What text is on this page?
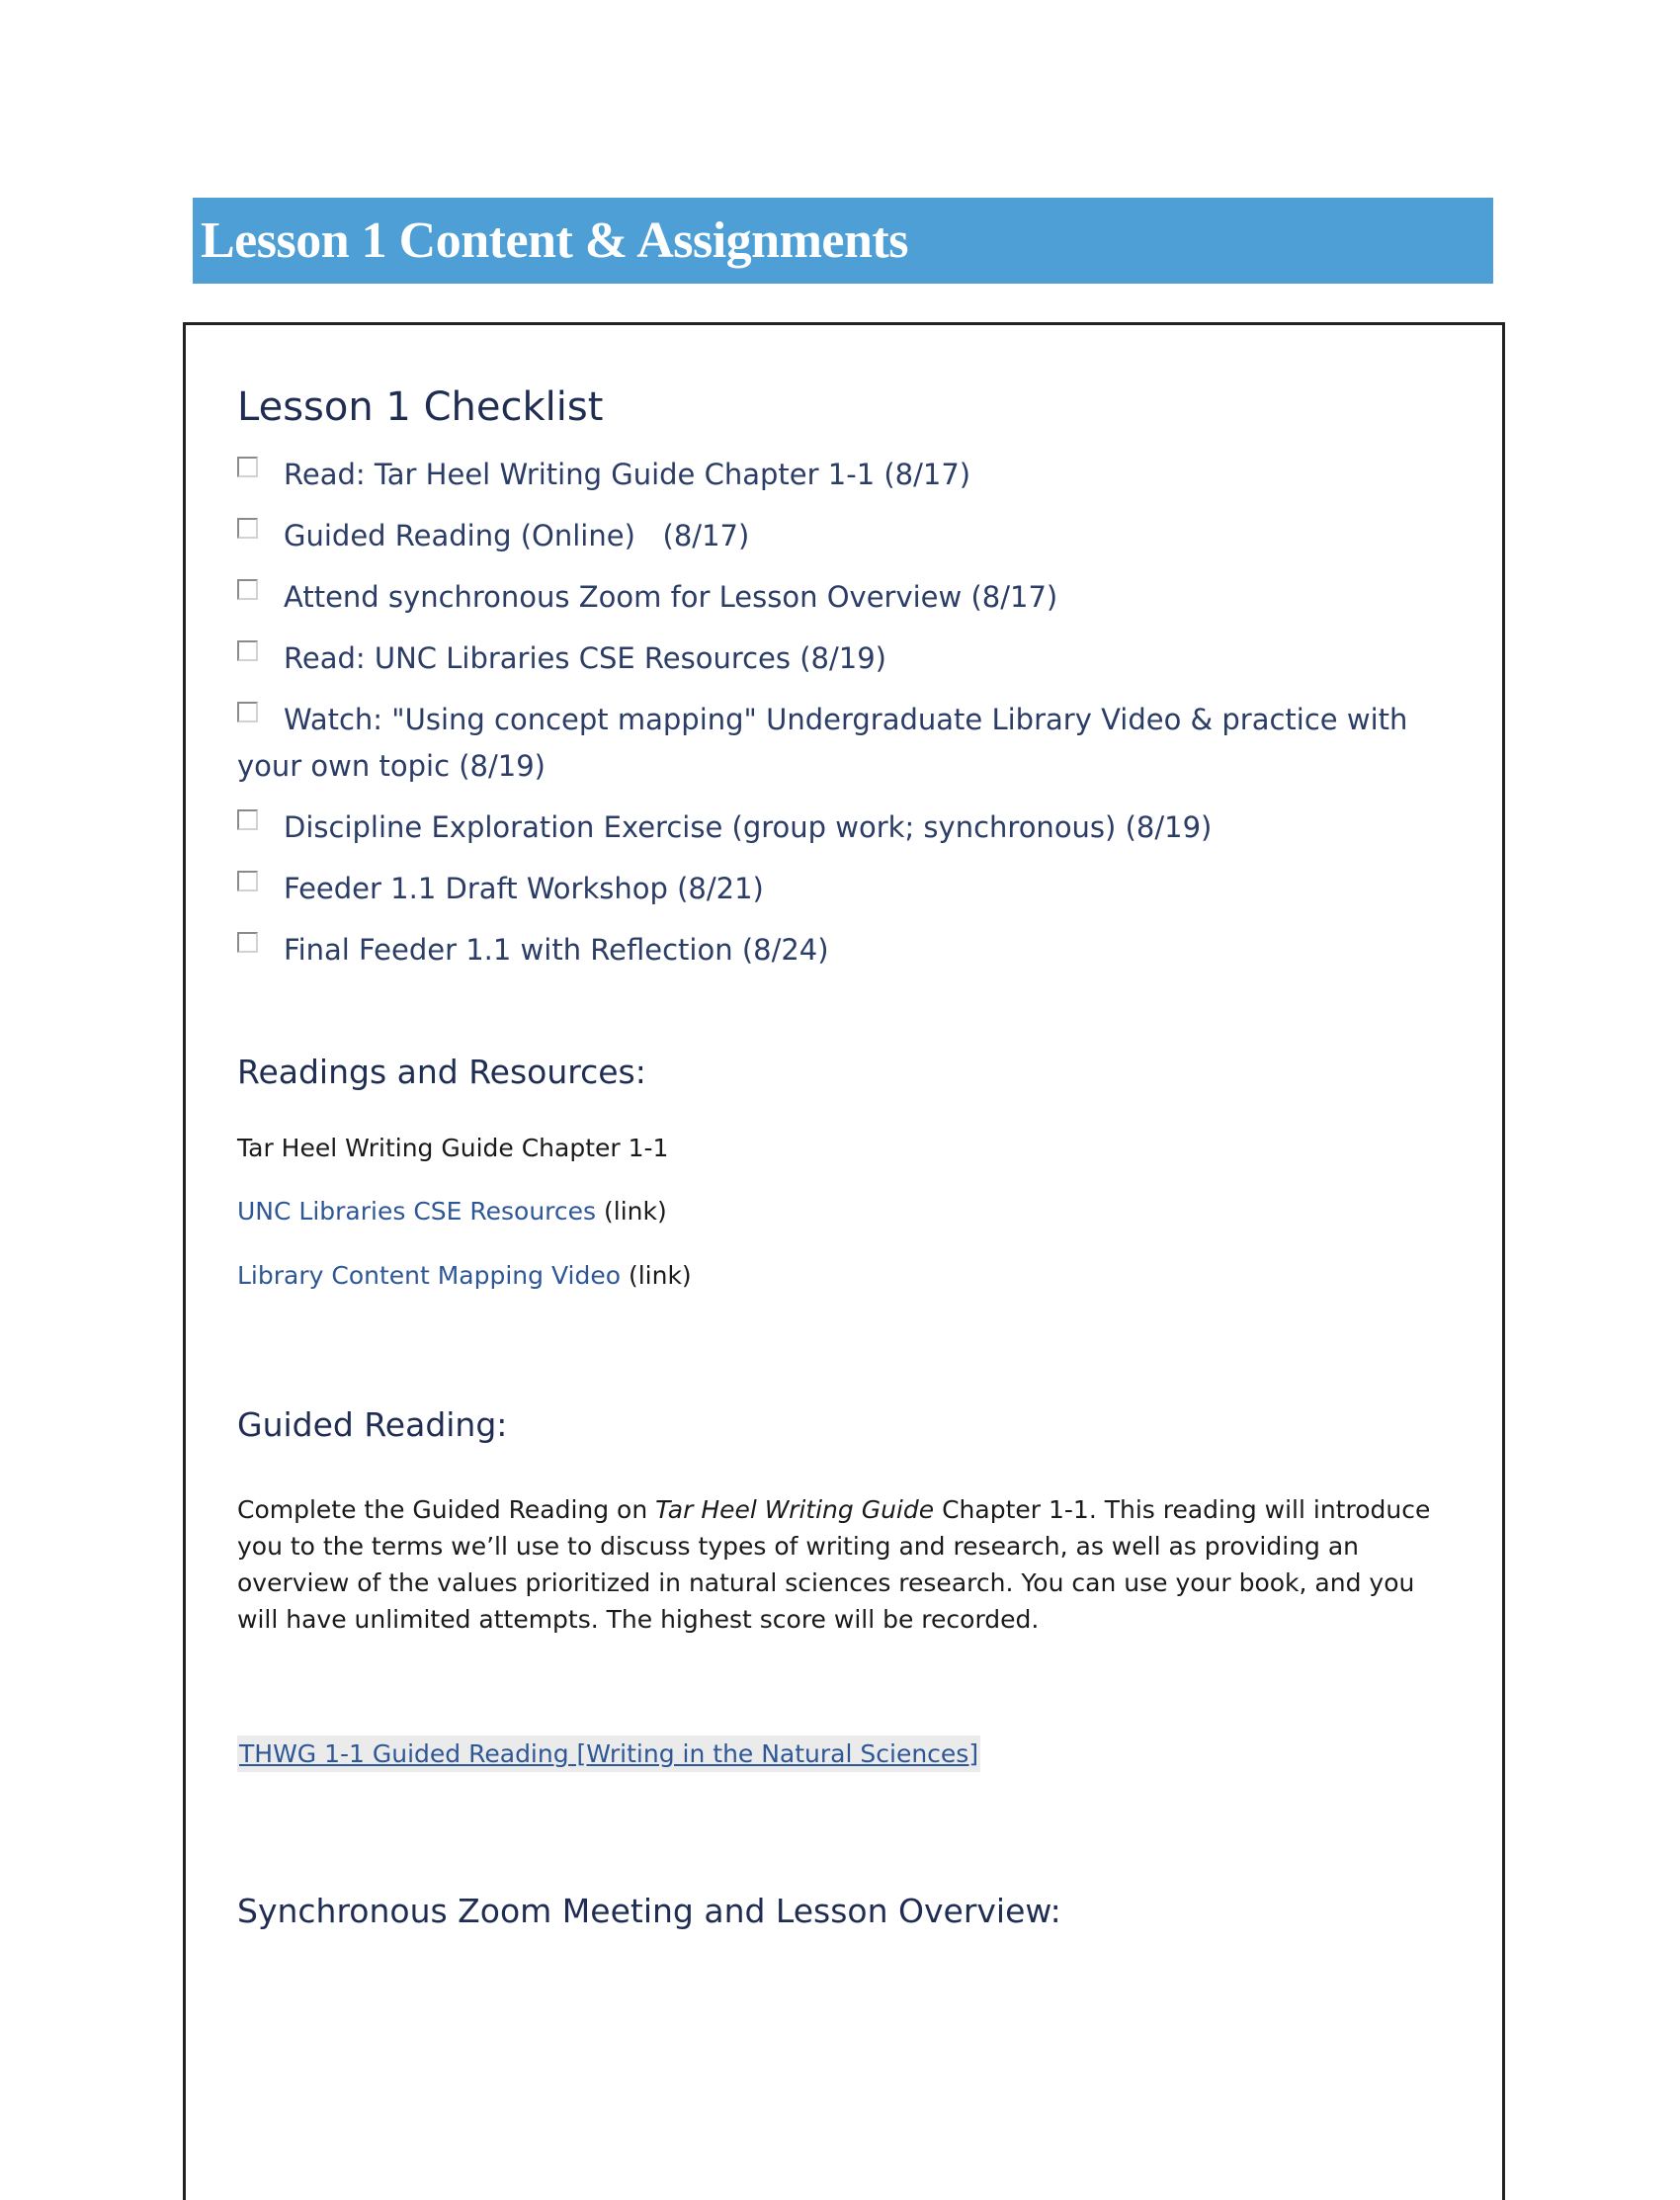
Lesson 1 Content & Assignments
Lesson 1 Checklist
Read: Tar Heel Writing Guide Chapter 1-1 (8/17)
Guided Reading (Online)   (8/17)
Attend synchronous Zoom for Lesson Overview (8/17)
Read: UNC Libraries CSE Resources (8/19)
Watch: "Using concept mapping" Undergraduate Library Video & practice with your own topic (8/19)
Discipline Exploration Exercise (group work; synchronous) (8/19)
Feeder 1.1 Draft Workshop (8/21)
Final Feeder 1.1 with Reflection (8/24)
Readings and Resources:

Tar Heel Writing Guide Chapter 1-1

UNC Libraries CSE Resources (link)

Library Content Mapping Video (link)

Guided Reading:

Complete the Guided Reading on Tar Heel Writing Guide Chapter 1-1. This reading will introduce you to the terms we’ll use to discuss types of writing and research, as well as providing an overview of the values prioritized in natural sciences research. You can use your book, and you will have unlimited attempts. The highest score will be recorded.

THWG 1-1 Guided Reading [Writing in the Natural Sciences]
Synchronous Zoom Meeting and Lesson Overview:
